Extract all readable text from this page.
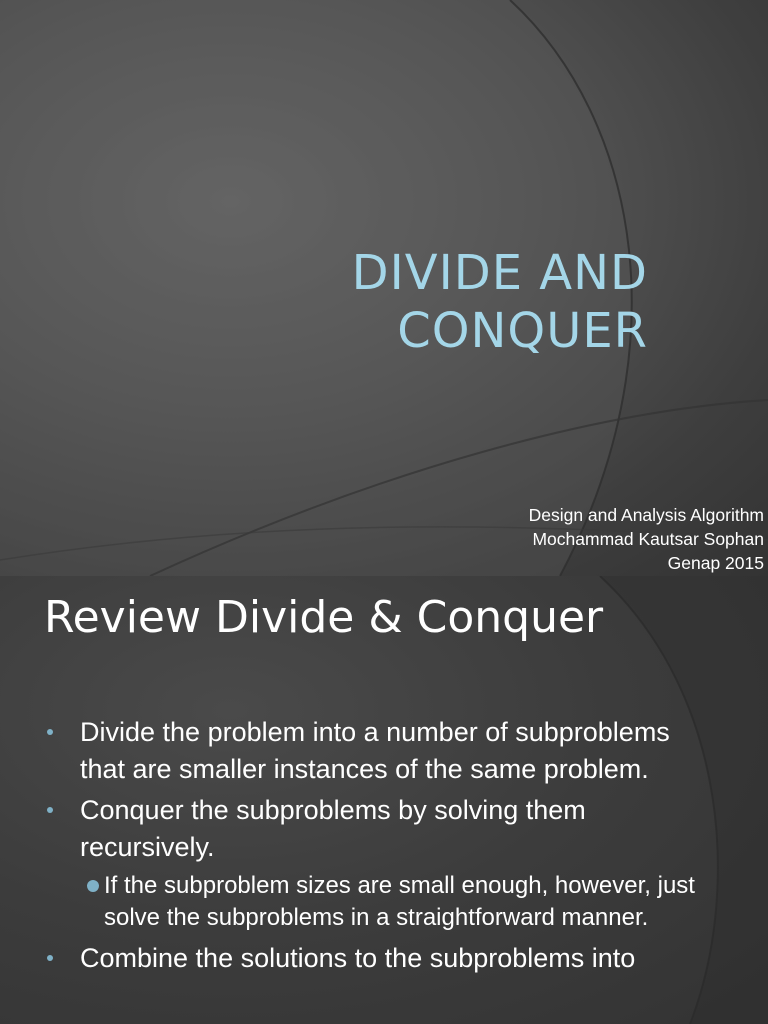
DIVIDE AND CONQUER
Design and Analysis Algorithm
Mochammad Kautsar Sophan
Genap 2015
Review Divide & Conquer
Divide the problem into a number of subproblems that are smaller instances of the same problem.
Conquer the subproblems by solving them recursively.
If the subproblem sizes are small enough, however, just solve the subproblems in a straightforward manner.
Combine the solutions to the subproblems into
